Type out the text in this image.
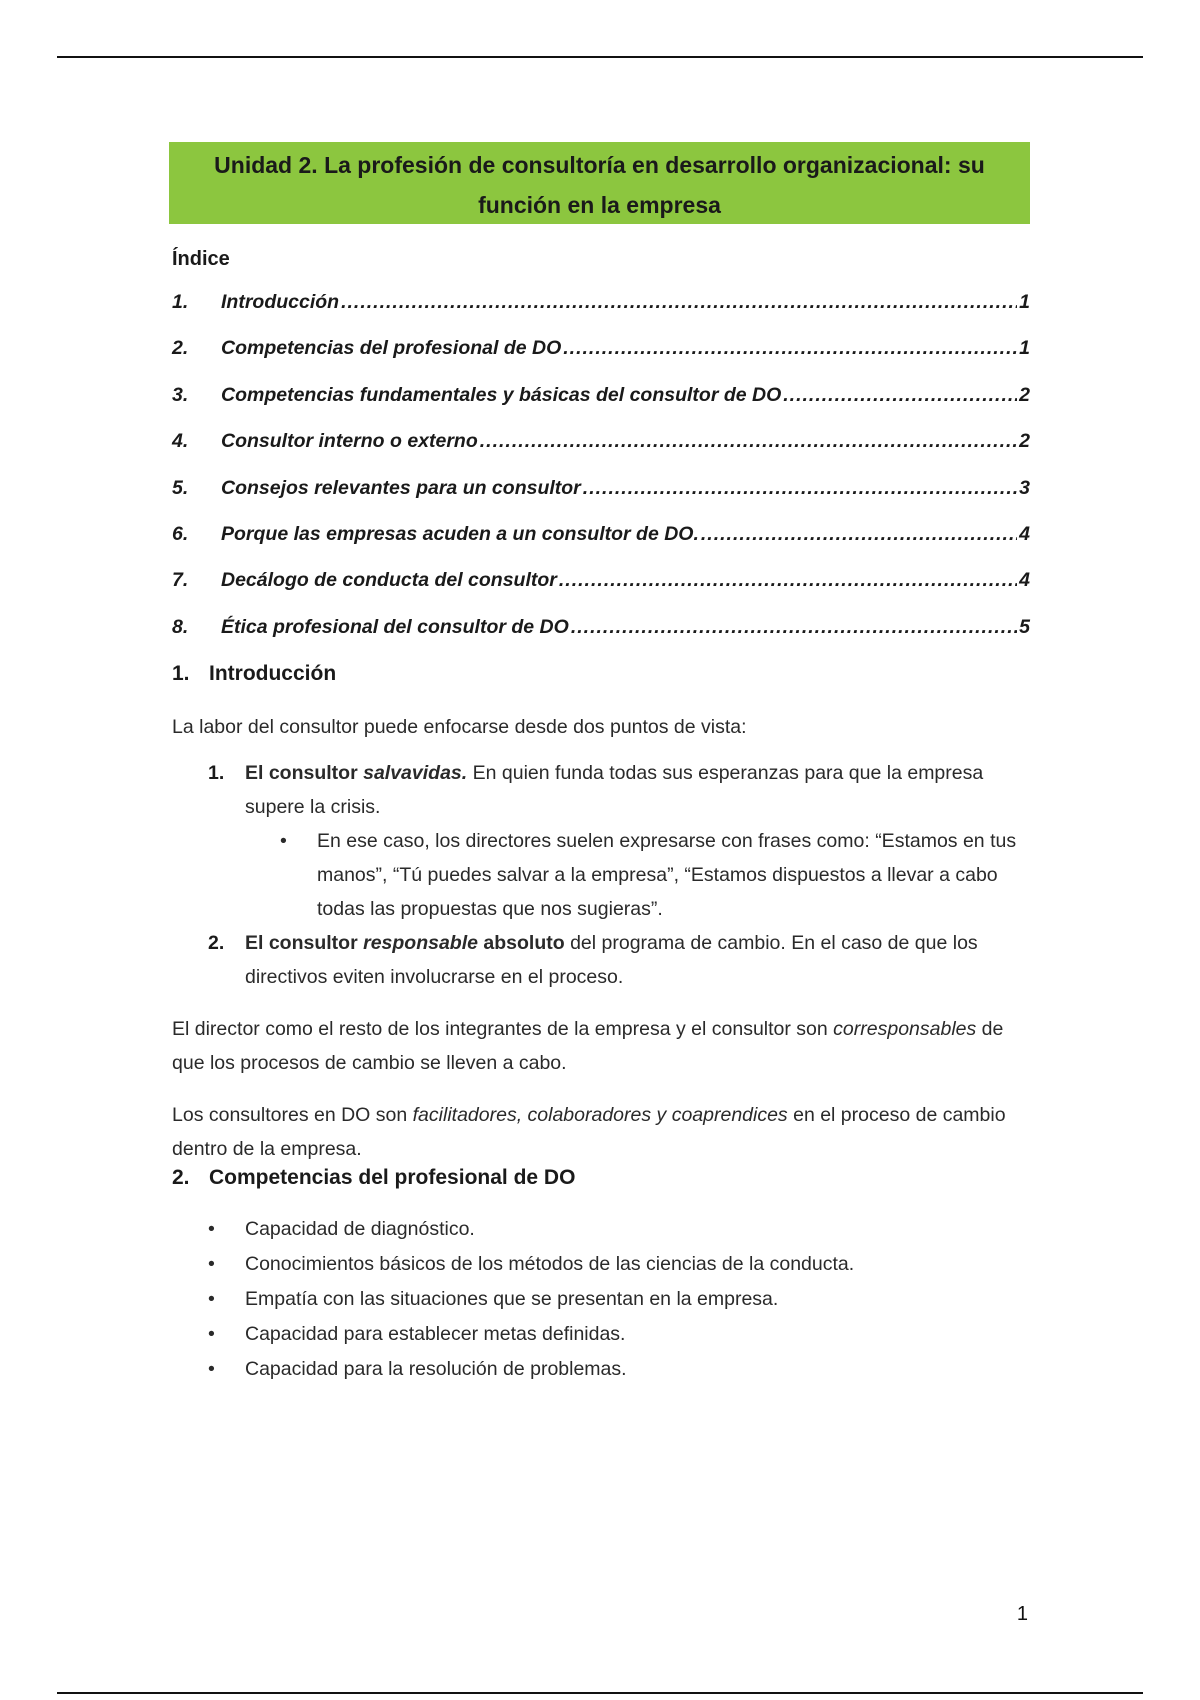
Unidad 2. La profesión de consultoría en desarrollo organizacional: su función en la empresa
Índice
1.	Introducción .....	1
2.	Competencias del profesional de DO .....	1
3.	Competencias fundamentales y básicas del consultor de DO .....	2
4.	Consultor interno o externo .....	2
5.	Consejos relevantes para un consultor .....	3
6.	Porque las empresas acuden a un consultor de DO. .....	4
7.	Decálogo de conducta del consultor .....	4
8.	Ética profesional del consultor de DO .....	5
1. Introducción

La labor del consultor puede enfocarse desde dos puntos de vista:

1. El consultor salvavidas. En quien funda todas sus esperanzas para que la empresa supere la crisis.
• En ese caso, los directores suelen expresarse con frases como: “Estamos en tus manos”, “Tú puedes salvar a la empresa”, “Estamos dispuestos a llevar a cabo todas las propuestas que nos sugieras”.
2. El consultor responsable absoluto del programa de cambio. En el caso de que los directivos eviten involucrarse en el proceso.

El director como el resto de los integrantes de la empresa y el consultor son corresponsables de que los procesos de cambio se lleven a cabo.

Los consultores en DO son facilitadores, colaboradores y coaprendices en el proceso de cambio dentro de la empresa.

2. Competencias del profesional de DO
• Capacidad de diagnóstico.
• Conocimientos básicos de los métodos de las ciencias de la conducta.
• Empatía con las situaciones que se presentan en la empresa.
• Capacidad para establecer metas definidas.
• Capacidad para la resolución de problemas.
1
